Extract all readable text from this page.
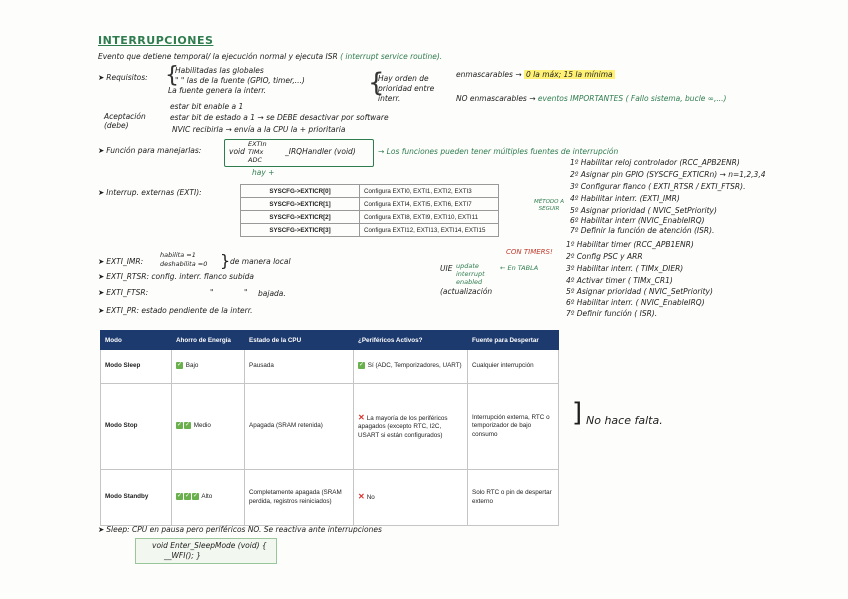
INTERRUPCIONES
Evento que detiene temporal/ la ejecución normal y ejecuta ISR ( interrupt service routine).
➤ Requisitos: {
Habilitadas las globales
" " las de la fuente (GPIO, timer,...)
La fuente genera la interr.	{
Hay orden de prioridad entre interr.
enmascarables → 0 la máx; 15 la mínima
NO enmascarables → eventos IMPORTANTES ( Fallo sistema, bucle ∞,...)
Aceptación (debe)
estar bit enable a 1
estar bit de estado a 1 → se DEBE desactivar por software
NVIC recibirla → envía a la CPU la + prioritaria
➤ Función para manejarlas:	void
EXTIn
TIMx
ADC
_IRQHandler (void)
hay +
→ Los funciones pueden tener múltiples fuentes de interrupción
1º Habilitar reloj controlador (RCC_APB2ENR)
2º Asignar pin GPIO (SYSCFG_EXTICRn) → n=1,2,3,4
3º Configurar flanco ( EXTI_RTSR / EXTI_FTSR).
4º Habilitar interr. (EXTI_IMR)
5º Asignar prioridad ( NVIC_SetPriority)
6º Habilitar interr (NVIC_EnableIRQ)
7º Definir la función de atención (ISR).
MÉTODO A SEGUIR
CON TIMERS!
1º Habilitar timer (RCC_APB1ENR)
2º Config PSC y ARR
3º Habilitar interr. ( TIMx_DIER)
4º Activar timer ( TIMx_CR1)
5º Asignar prioridad ( NVIC_SetPriority)
6º Habilitar interr. ( NVIC_EnableIRQ)
7º Definir función ( ISR).
UIE update interrupt enabled
← En TABLA
(actualización
➤ Interrup. externas (EXTI):	SYSCFG->EXTICR[0]	Configura EXTI0, EXTI1, EXTI2, EXTI3
SYSCFG->EXTICR[1]	Configura EXTI4, EXTI5, EXTI6, EXTI7
SYSCFG->EXTICR[2]	Configura EXTI8, EXTI9, EXTI10, EXTI11
SYSCFG->EXTICR[3]	Configura EXTI12, EXTI13, EXTI14, EXTI15
➤ EXTI_IMR:
habilita =1
deshabilita =0 } de manera local
➤ EXTI_RTSR: config. interr. flanco subida
➤ EXTI_FTSR:	"	" bajada.
➤ EXTI_PR: estado pendiente de la interr.
Modo	Ahorro de Energía	Estado de la CPU	¿Periféricos Activos?	Fuente para Despertar
Modo Sleep	✓ Bajo	Pausada	✓ Sí (ADC, Temporizadores, UART)	Cualquier interrupción
Modo Stop	✓ ✓ Medio	Apagada (SRAM retenida)	✕ La mayoría de los periféricos apagados (excepto RTC, I2C, USART si están configurados)	Interrupción externa, RTC o temporizador de bajo consumo
Modo Standby	✓ ✓ ✓ Alto	Completamente apagada (SRAM perdida, registros reiniciados)	✕ No	Solo RTC o pin de despertar externo
] No hace falta.
➤ Sleep: CPU en pausa pero periféricos NO. Se reactiva ante interrupciones
void Enter_SleepMode (void) {
__WFI(); }
